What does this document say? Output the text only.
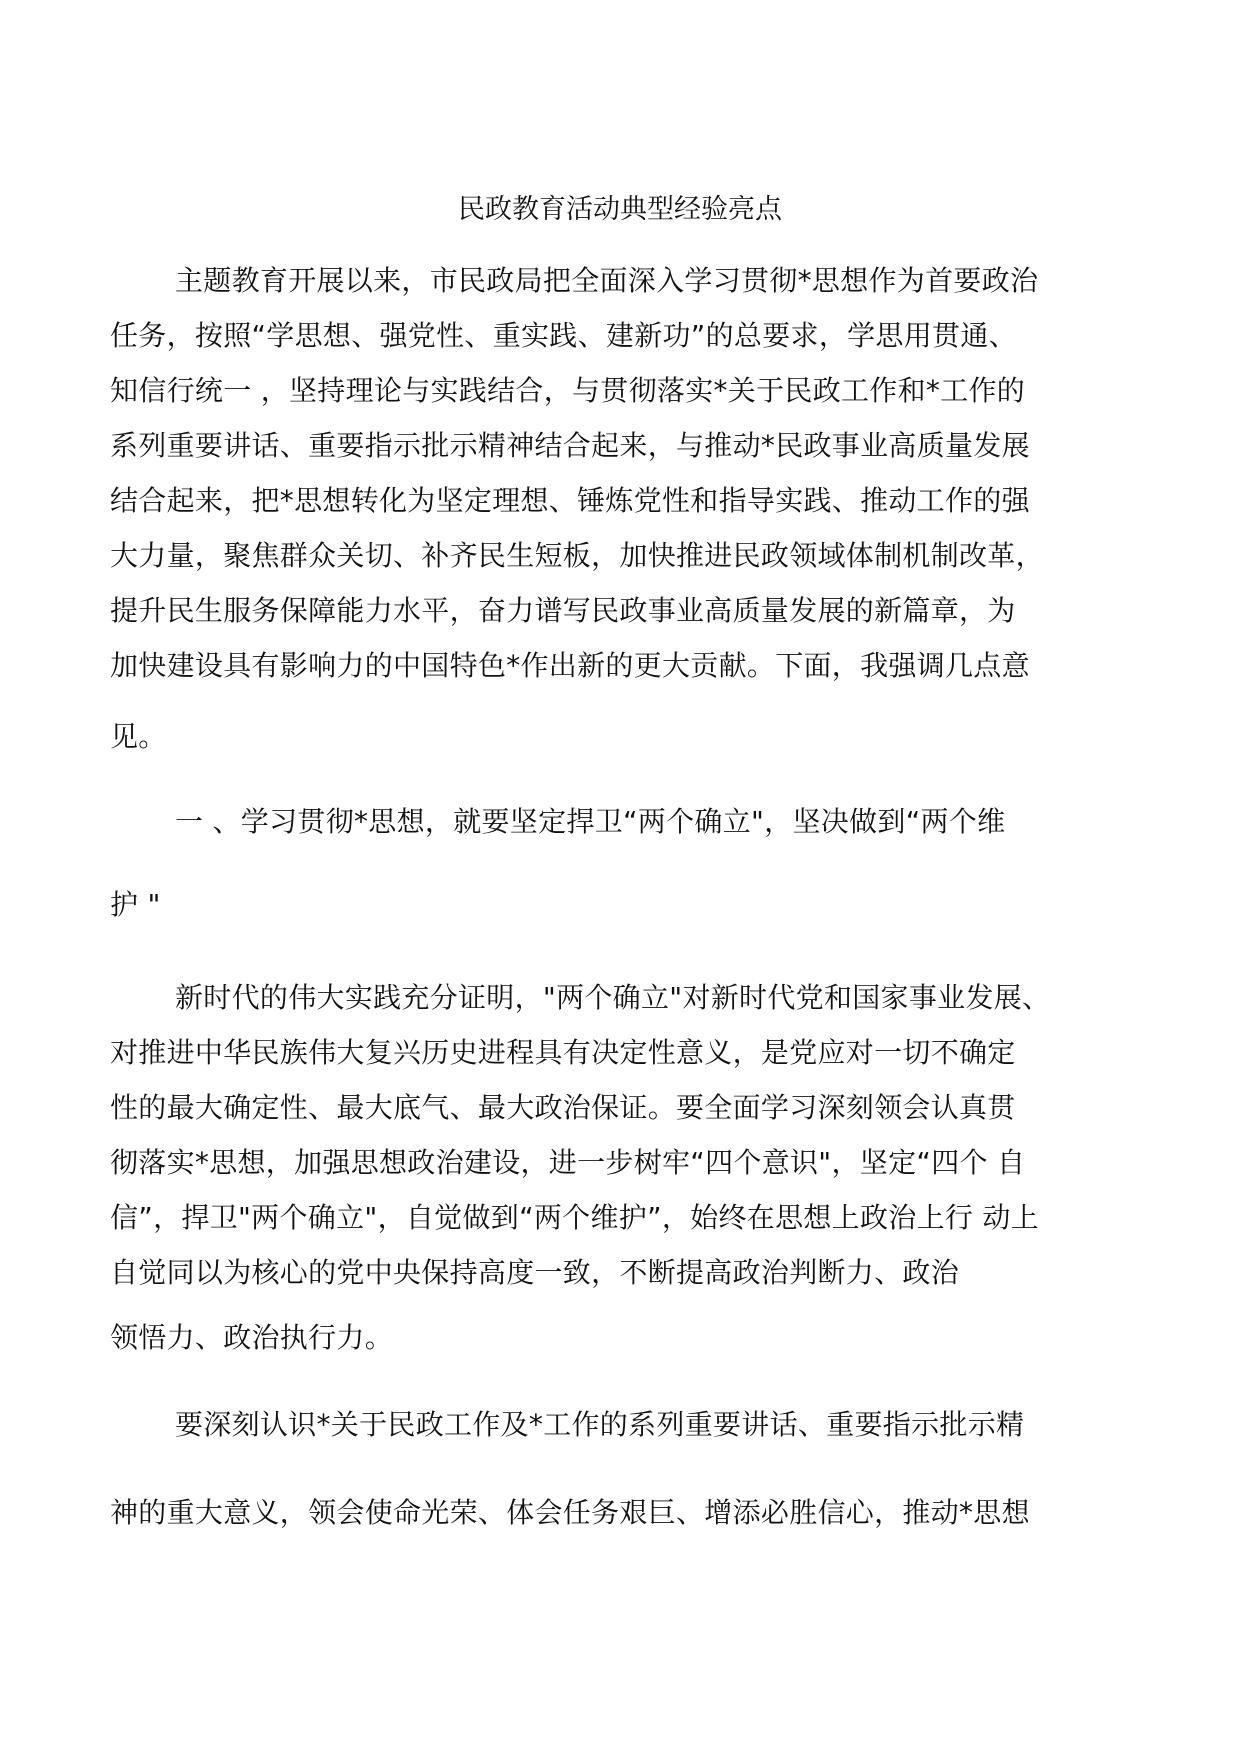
民政教育活动典型经验亮点
主题教育开展以来，市民政局把全面深入学习贯彻*思想作为首要政治
任务，按照“学思想、强党性、重实践、建新功”的总要求，学思用贯通、
知信行统一 ，坚持理论与实践结合，与贯彻落实*关于民政工作和*工作的
系列重要讲话、重要指示批示精神结合起来，与推动*民政事业高质量发展
结合起来，把*思想转化为坚定理想、锤炼党性和指导实践、推动工作的强
大力量，聚焦群众关切、补齐民生短板，加快推进民政领域体制机制改革，
提升民生服务保障能力水平，奋力谱写民政事业高质量发展的新篇章，为
加快建设具有影响力的中国特色*作出新的更大贡献。下面，我强调几点意
见。
一 、学习贯彻*思想，就要坚定捍卫“两个确立"，坚决做到“两个维
护 "
新时代的伟大实践充分证明，"两个确立"对新时代党和国家事业发展、
对推进中华民族伟大复兴历史进程具有决定性意义，是党应对一切不确定
性的最大确定性、最大底气、最大政治保证。要全面学习深刻领会认真贯
彻落实*思想，加强思想政治建设，进一步树牢“四个意识"，坚定“四个 自
信”，捍卫"两个确立"，自觉做到“两个维护”，始终在思想上政治上行 动上
自觉同以为核心的党中央保持高度一致，不断提高政治判断力、政治
领悟力、政治执行力。
要深刻认识*关于民政工作及*工作的系列重要讲话、重要指示批示精
神的重大意义，领会使命光荣、体会任务艰巨、增添必胜信心，推动*思想
